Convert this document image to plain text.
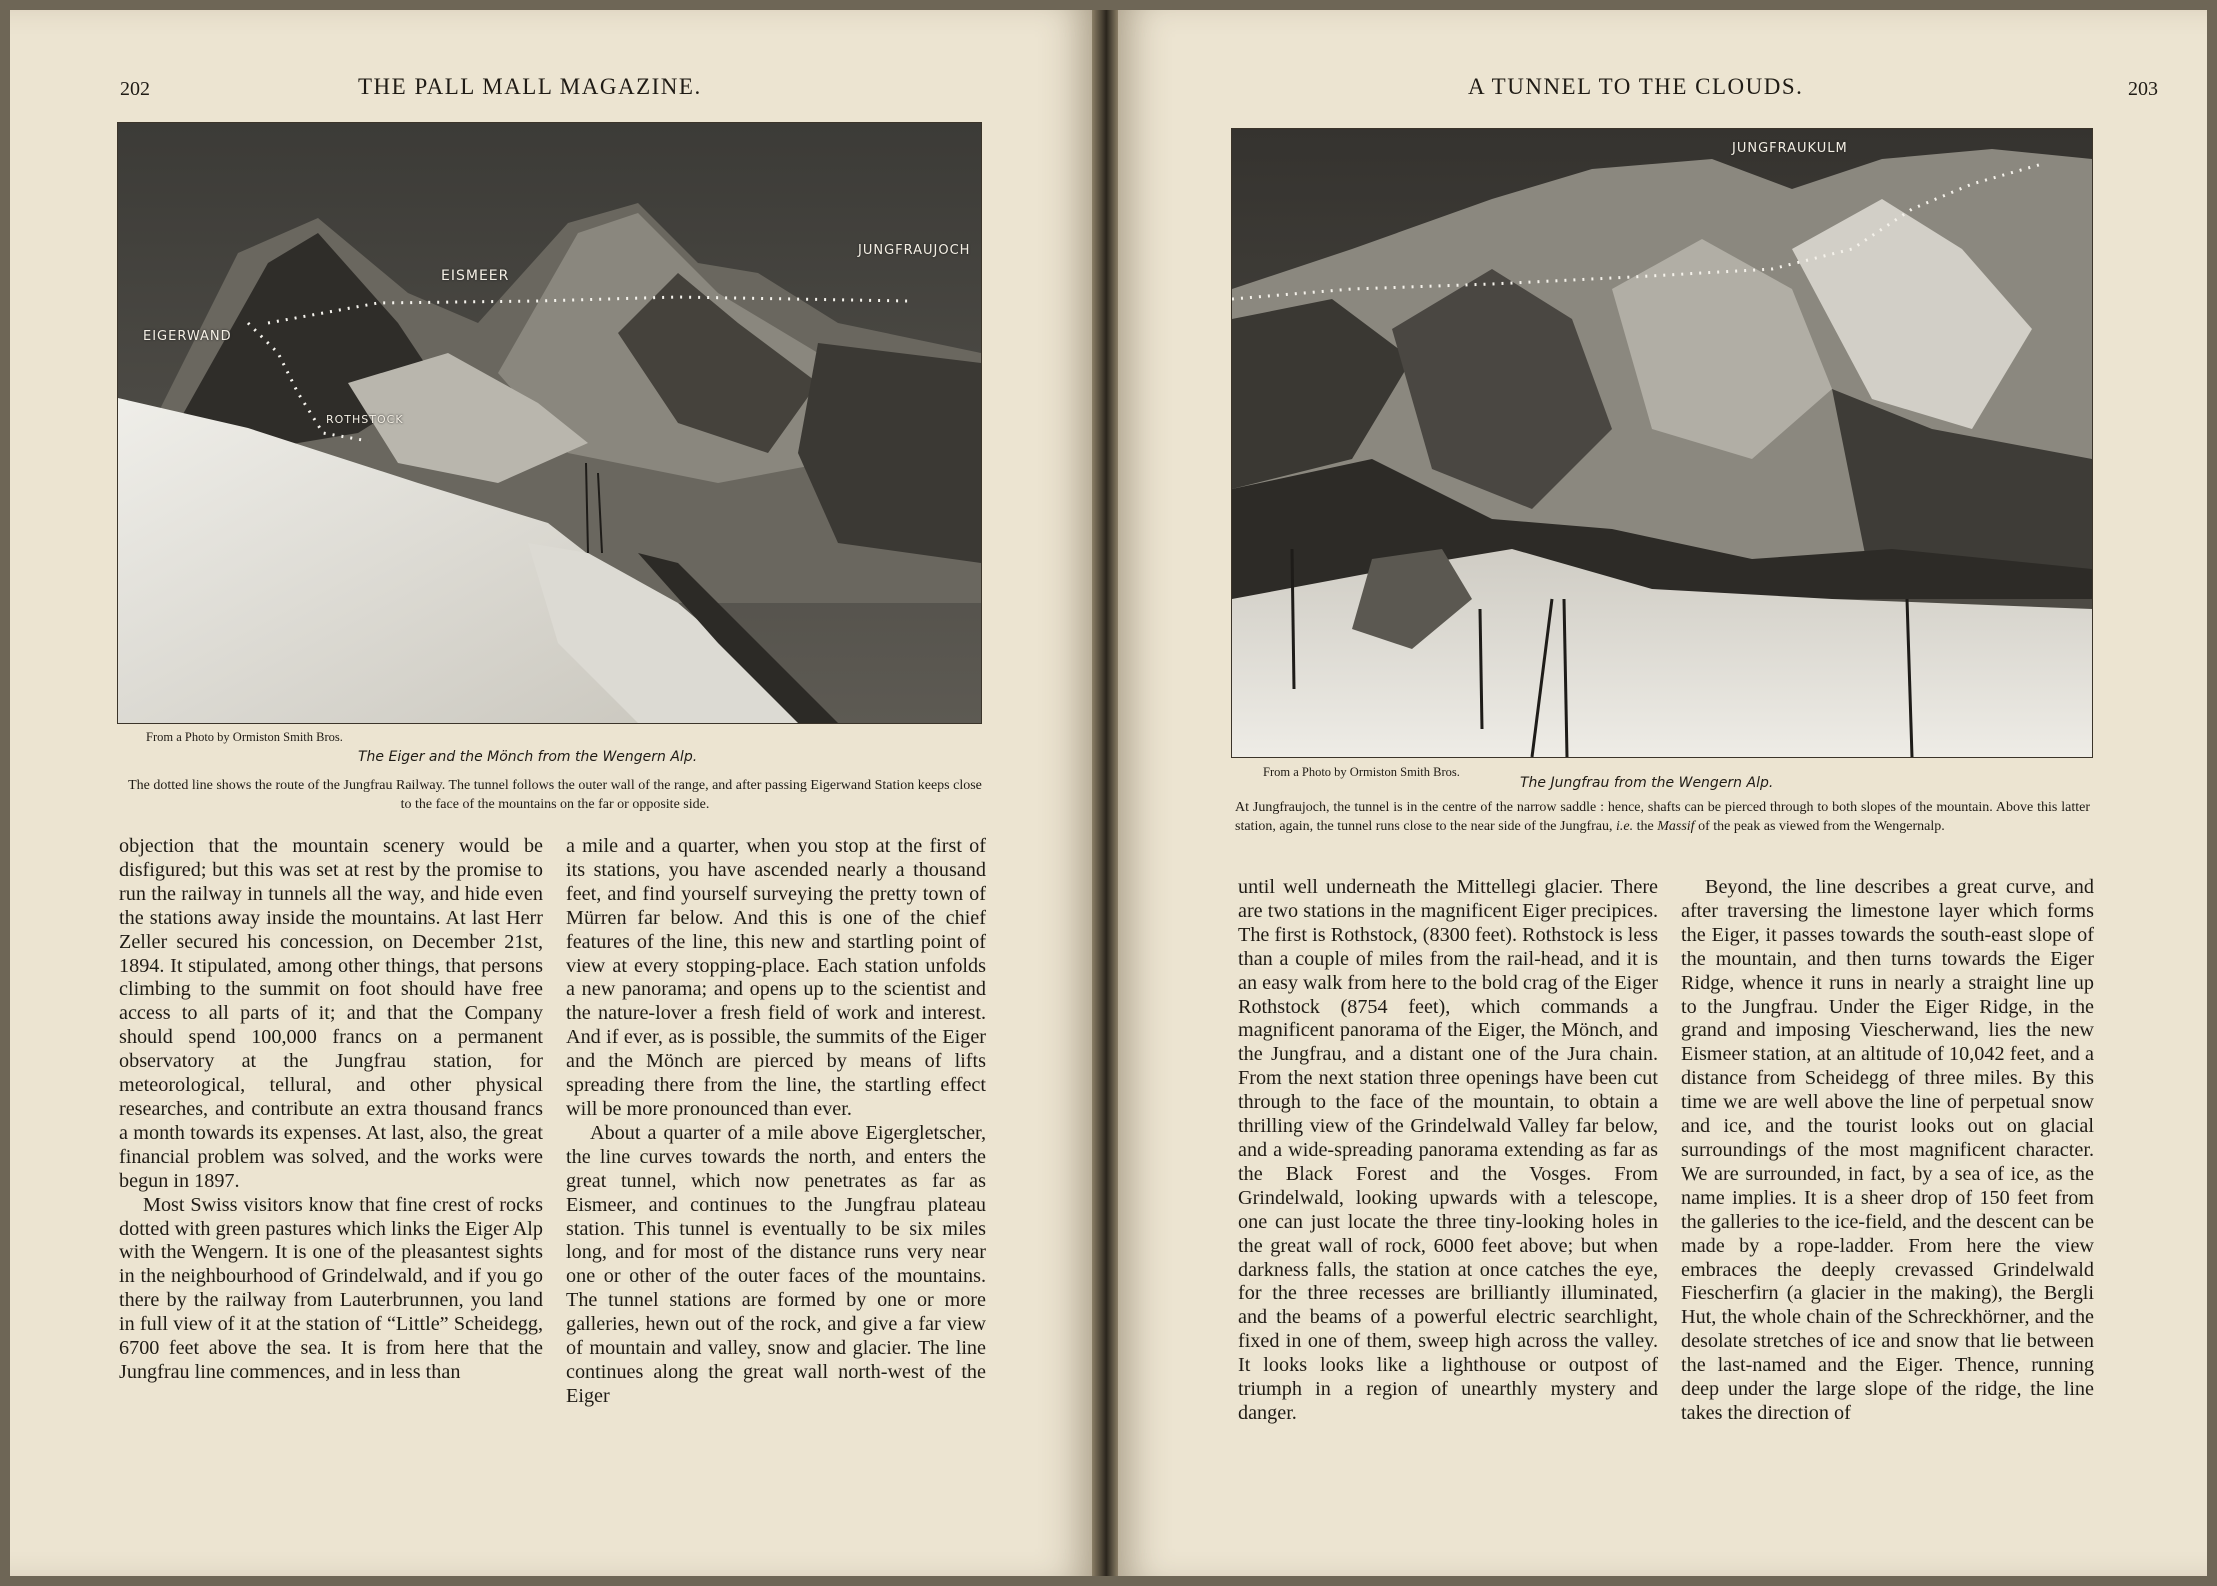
202	THE PALL MALL MAGAZINE.
EISMEER
JUNGFRAUJOCH
EIGERWAND
ROTHSTOCK
From a Photo by Ormiston Smith Bros.
The Eiger and the Mönch from the Wengern Alp.
The dotted line shows the route of the Jungfrau Railway. The tunnel follows the outer wall of the range, and after passing Eigerwand Station keeps close to the face of the mountains on the far or opposite side.

objection that the mountain scenery would be disfigured; but this was set at rest by the promise to run the railway in tunnels all the way, and hide even the stations away inside the mountains. At last Herr Zeller secured his concession, on December 21st, 1894. It stipulated, among other things, that persons climbing to the summit on foot should have free access to all parts of it; and that the Company should spend 100,000 francs on a permanent observatory at the Jungfrau station, for meteorological, tellural, and other physical researches, and contribute an extra thousand francs a month towards its expenses. At last, also, the great financial problem was solved, and the works were begun in 1897.

Most Swiss visitors know that fine crest of rocks dotted with green pastures which links the Eiger Alp with the Wengern. It is one of the pleasantest sights in the neighbourhood of Grindelwald, and if you go there by the railway from Lauterbrunnen, you land in full view of it at the station of “Little” Scheidegg, 6700 feet above the sea. It is from here that the Jungfrau line commences, and in less than

a mile and a quarter, when you stop at the first of its stations, you have ascended nearly a thousand feet, and find yourself surveying the pretty town of Mürren far below. And this is one of the chief features of the line, this new and startling point of view at every stopping-place. Each station unfolds a new panorama; and opens up to the scientist and the nature-lover a fresh field of work and interest. And if ever, as is possible, the summits of the Eiger and the Mönch are pierced by means of lifts spreading there from the line, the startling effect will be more pronounced than ever.

About a quarter of a mile above Eigergletscher, the line curves towards the north, and enters the great tunnel, which now penetrates as far as Eismeer, and continues to the Jungfrau plateau station. This tunnel is eventually to be six miles long, and for most of the distance runs very near one or other of the outer faces of the mountains. The tunnel stations are formed by one or more galleries, hewn out of the rock, and give a far view of mountain and valley, snow and glacier. The line continues along the great wall north-west of the Eiger

A TUNNEL TO THE CLOUDS.	203
JUNGFRAUKULM
From a Photo by Ormiston Smith Bros.
The Jungfrau from the Wengern Alp.
At Jungfraujoch, the tunnel is in the centre of the narrow saddle : hence, shafts can be pierced through to both slopes of the mountain. Above this latter station, again, the tunnel runs close to the near side of the Jungfrau, i.e. the Massif of the peak as viewed from the Wengernalp.

until well underneath the Mittellegi glacier. There are two stations in the magnificent Eiger precipices. The first is Rothstock, (8300 feet). Rothstock is less than a couple of miles from the rail-head, and it is an easy walk from here to the bold crag of the Eiger Rothstock (8754 feet), which commands a magnificent panorama of the Eiger, the Mönch, and the Jungfrau, and a distant one of the Jura chain. From the next station three openings have been cut through to the face of the mountain, to obtain a thrilling view of the Grindelwald Valley far below, and a wide-spreading panorama extending as far as the Black Forest and the Vosges. From Grindelwald, looking upwards with a telescope, one can just locate the three tiny-looking holes in the great wall of rock, 6000 feet above; but when darkness falls, the station at once catches the eye, for the three recesses are brilliantly illuminated, and the beams of a powerful electric searchlight, fixed in one of them, sweep high across the valley. It looks looks like a lighthouse or outpost of triumph in a region of unearthly mystery and danger.

Beyond, the line describes a great curve, and after traversing the limestone layer which forms the Eiger, it passes towards the south-east slope of the mountain, and then turns towards the Eiger Ridge, whence it runs in nearly a straight line up to the Jungfrau. Under the Eiger Ridge, in the grand and imposing Viescherwand, lies the new Eismeer station, at an altitude of 10,042 feet, and a distance from Scheidegg of three miles. By this time we are well above the line of perpetual snow and ice, and the tourist looks out on glacial surroundings of the most magnificent character. We are surrounded, in fact, by a sea of ice, as the name implies. It is a sheer drop of 150 feet from the galleries to the ice-field, and the descent can be made by a rope-ladder. From here the view embraces the deeply crevassed Grindelwald Fiescherfirn (a glacier in the making), the Bergli Hut, the whole chain of the Schreckhörner, and the desolate stretches of ice and snow that lie between the last-named and the Eiger. Thence, running deep under the large slope of the ridge, the line takes the direction of
